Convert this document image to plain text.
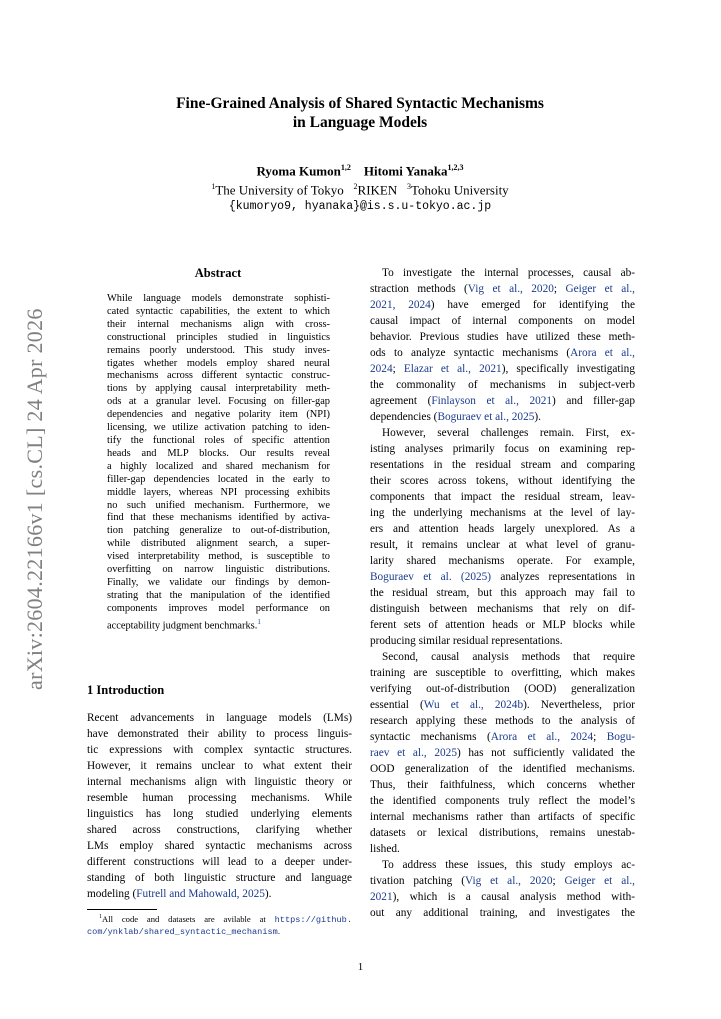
arXiv:2604.22166v1 [cs.CL] 24 Apr 2026
Fine-Grained Analysis of Shared Syntactic Mechanisms
in Language Models
Ryoma Kumon$^{1,2}$ Hitomi Yanaka$^{1,2,3}$
$^1$The University of Tokyo $^2$RIKEN $^3$Tohoku University
{kumoryo9, hyanaka}@is.s.u-tokyo.ac.jp
Abstract
While language models demonstrate sophisti-
cated syntactic capabilities, the extent to which
their internal mechanisms align with cross-
constructional principles studied in linguistics
remains poorly understood. This study inves-
tigates whether models employ shared neural
mechanisms across different syntactic construc-
tions by applying causal interpretability meth-
ods at a granular level. Focusing on filler-gap
dependencies and negative polarity item (NPI)
licensing, we utilize activation patching to iden-
tify the functional roles of specific attention
heads and MLP blocks. Our results reveal
a highly localized and shared mechanism for
filler-gap dependencies located in the early to
middle layers, whereas NPI processing exhibits
no such unified mechanism. Furthermore, we
find that these mechanisms identified by activa-
tion patching generalize to out-of-distribution,
while distributed alignment search, a super-
vised interpretability method, is susceptible to
overfitting on narrow linguistic distributions.
Finally, we validate our findings by demon-
strating that the manipulation of the identified
components improves model performance on
acceptability judgment benchmarks.$^1$
1 Introduction
Recent advancements in language models (LMs)
have demonstrated their ability to process linguis-
tic expressions with complex syntactic structures.
However, it remains unclear to what extent their
internal mechanisms align with linguistic theory or
resemble human processing mechanisms. While
linguistics has long studied underlying elements
shared across constructions, clarifying whether
LMs employ shared syntactic mechanisms across
different constructions will lead to a deeper under-
standing of both linguistic structure and language
modeling (Futrell and Mahowald, 2025).
$^1$All code and datasets are avilable at https://github.
com/ynklab/shared_syntactic_mechanism.
To investigate the internal processes, causal ab-
straction methods (Vig et al., 2020; Geiger et al.,
2021, 2024) have emerged for identifying the
causal impact of internal components on model
behavior. Previous studies have utilized these meth-
ods to analyze syntactic mechanisms (Arora et al.,
2024; Elazar et al., 2021), specifically investigating
the commonality of mechanisms in subject-verb
agreement (Finlayson et al., 2021) and filler-gap
dependencies (Boguraev et al., 2025).
However, several challenges remain. First, ex-
isting analyses primarily focus on examining rep-
resentations in the residual stream and comparing
their scores across tokens, without identifying the
components that impact the residual stream, leav-
ing the underlying mechanisms at the level of lay-
ers and attention heads largely unexplored. As a
result, it remains unclear at what level of granu-
larity shared mechanisms operate. For example,
Boguraev et al. (2025) analyzes representations in
the residual stream, but this approach may fail to
distinguish between mechanisms that rely on dif-
ferent sets of attention heads or MLP blocks while
producing similar residual representations.
Second, causal analysis methods that require
training are susceptible to overfitting, which makes
verifying out-of-distribution (OOD) generalization
essential (Wu et al., 2024b). Nevertheless, prior
research applying these methods to the analysis of
syntactic mechanisms (Arora et al., 2024; Bogu-
raev et al., 2025) has not sufficiently validated the
OOD generalization of the identified mechanisms.
Thus, their faithfulness, which concerns whether
the identified components truly reflect the model’s
internal mechanisms rather than artifacts of specific
datasets or lexical distributions, remains unestab-
lished.
To address these issues, this study employs ac-
tivation patching (Vig et al., 2020; Geiger et al.,
2021), which is a causal analysis method with-
out any additional training, and investigates the
1
